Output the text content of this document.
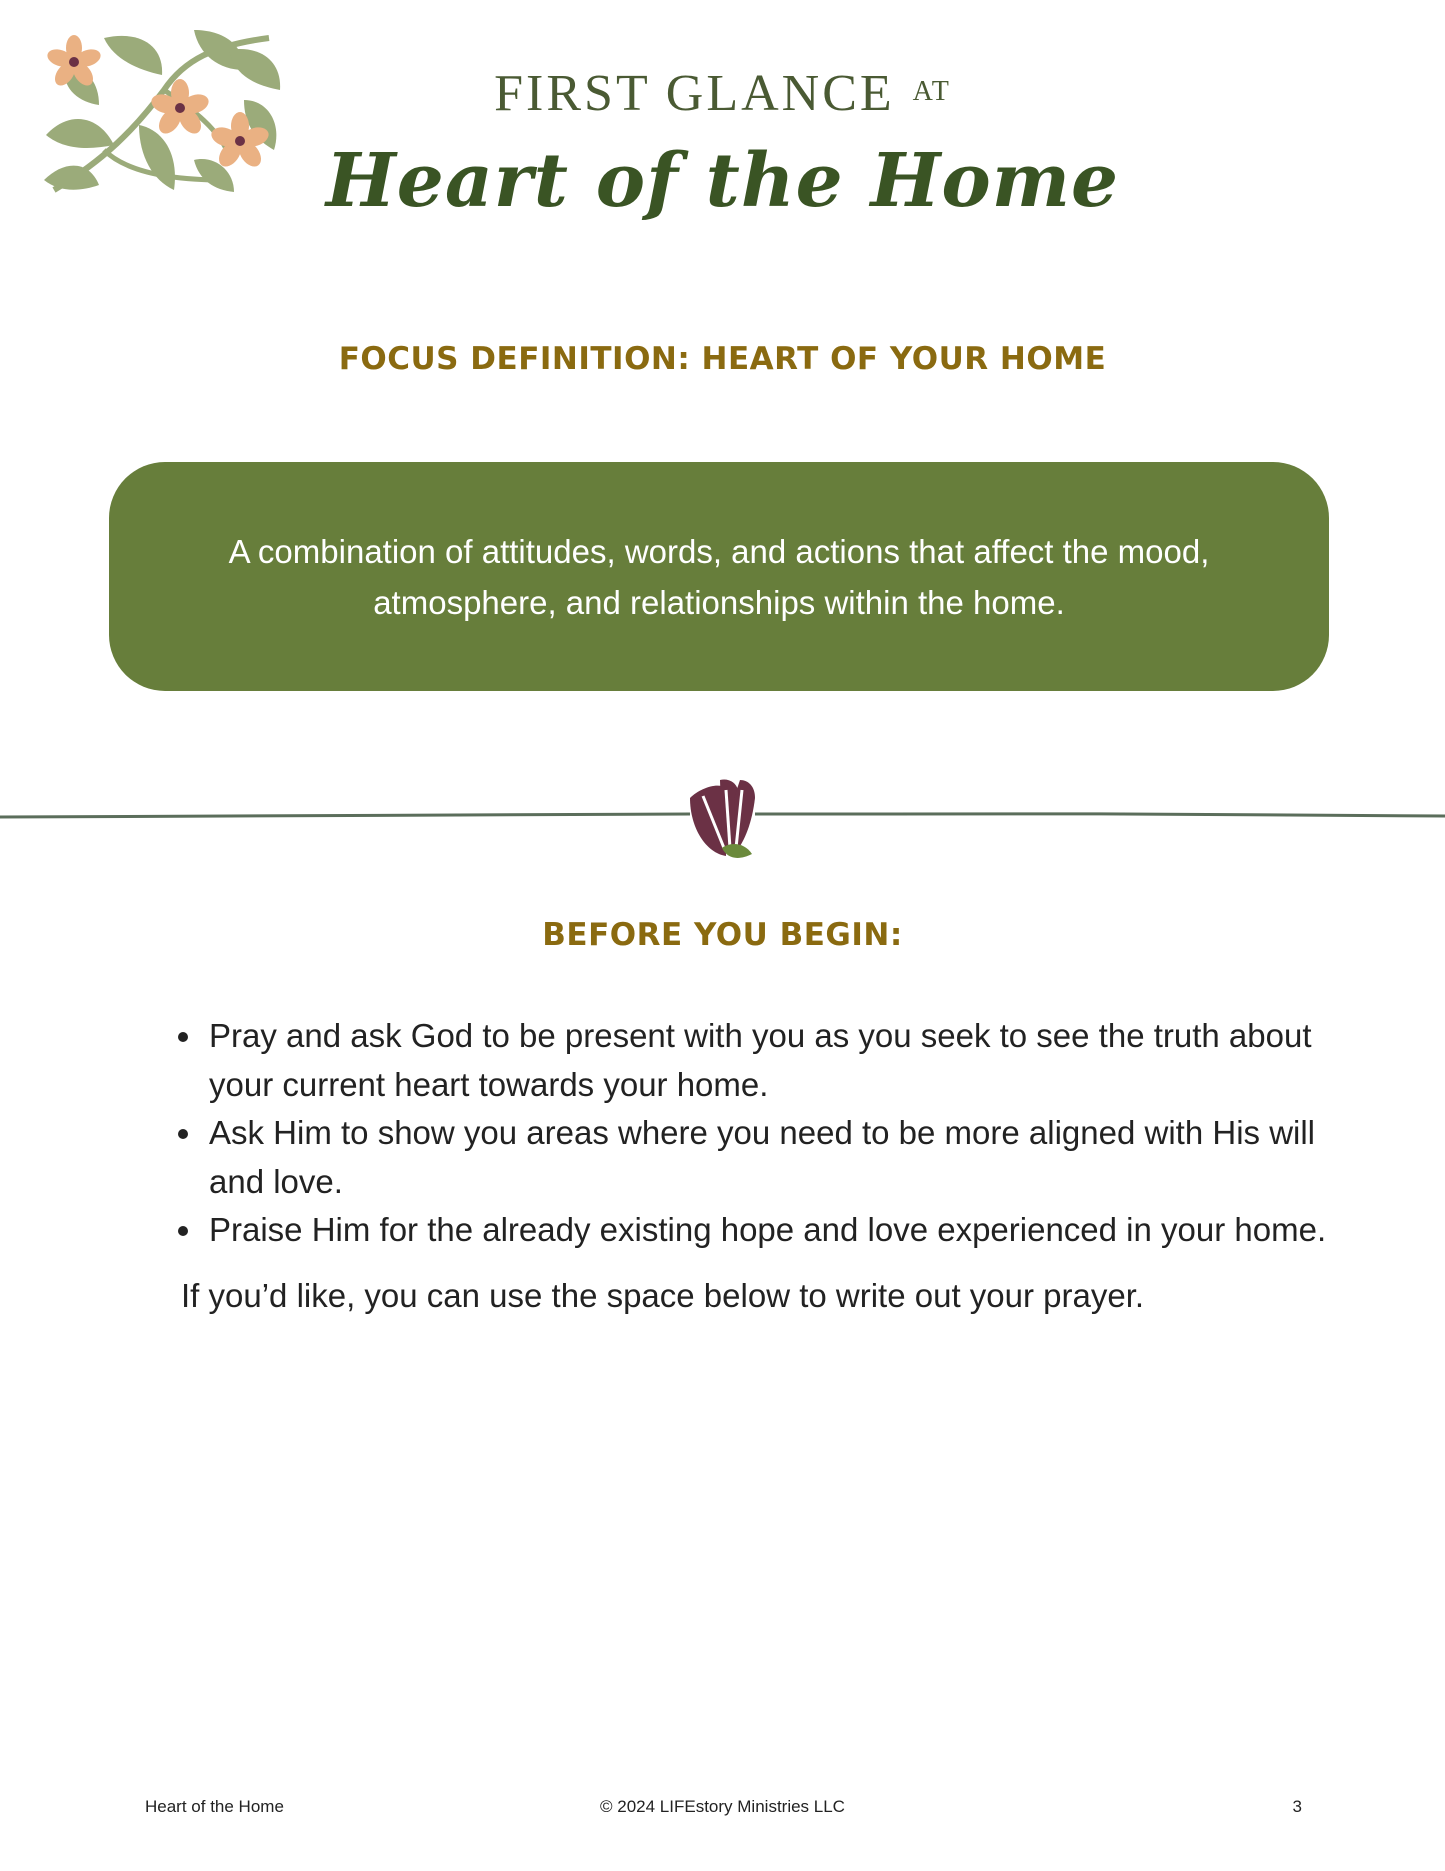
FIRST GLANCE AT
Heart of the Home
FOCUS DEFINITION: HEART OF YOUR HOME

A combination of attitudes, words, and actions that affect the mood, atmosphere, and relationships within the home.

BEFORE YOU BEGIN:
• Pray and ask God to be present with you as you seek to see the truth about your current heart towards your home.
• Ask Him to show you areas where you need to be more aligned with His will and love.
• Praise Him for the already existing hope and love experienced in your home.

If you’d like, you can use the space below to write out your prayer.

Heart of the Home	© 2024 LIFEstory Ministries LLC	3
